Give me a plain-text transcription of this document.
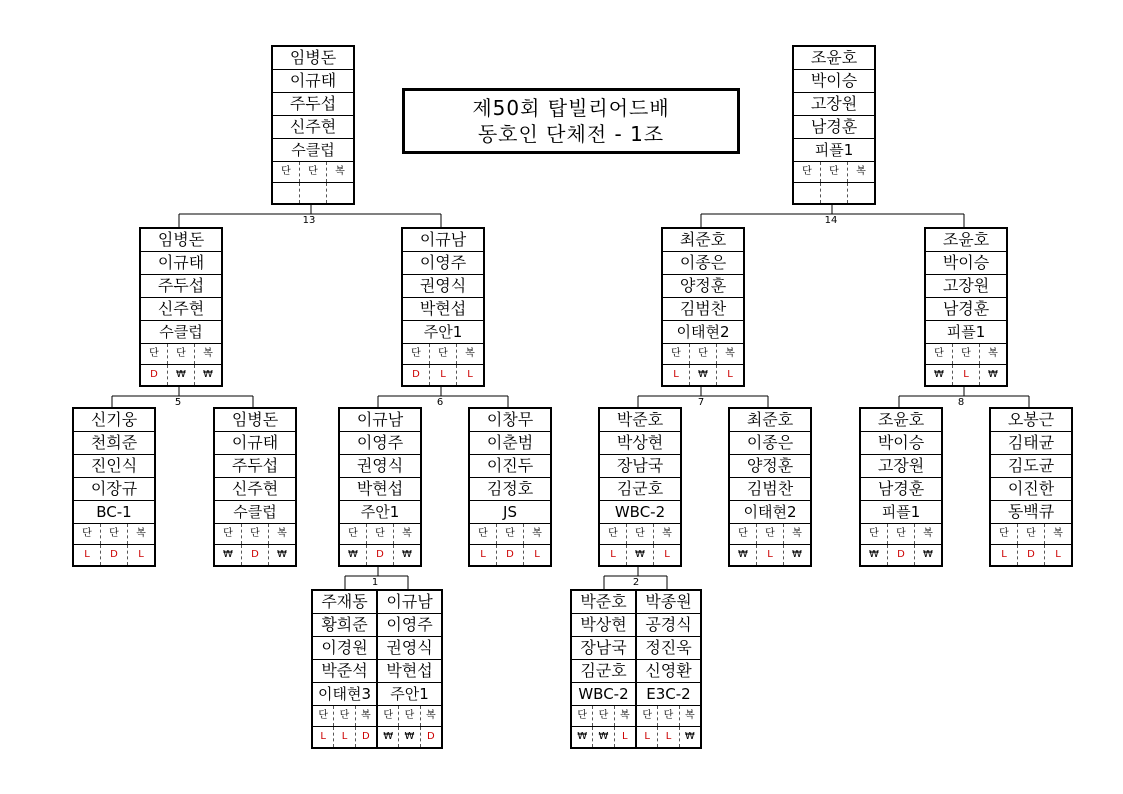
제50회 탑빌리어드배
동호인 단체전 - 1조
13	14
5	6	7	8
1	2
임병돈
이규태
주두섭
신주현
수클럽
단	단	복
조윤호
박이승
고장원
남경훈
피플1
단	단	복
임병돈
이규태
주두섭
신주현
수클럽
단	단	복
D	₩	₩
이규남
이영주
권영식
박현섭
주안1
단	단	복
D	L	L
최준호
이종은
양정훈
김범찬
이태현2
단	단	복
L	₩	L
조윤호
박이승
고장원
남경훈
피플1
단	단	복
₩	L	₩
신기웅
천희준
진인식
이장규
BC-1
단	단	복
L	D	L
임병돈
이규태
주두섭
신주현
수클럽
단	단	복
₩	D	₩
이규남
이영주
권영식
박현섭
주안1
단	단	복
₩	D	₩
이창무
이춘범
이진두
김정호
JS
단	단	복
L	D	L
박준호
박상현
장남국
김군호
WBC-2
단	단	복
L	₩	L
최준호
이종은
양정훈
김범찬
이태현2
단	단	복
₩	L	₩
조윤호
박이승
고장원
남경훈
피플1
단	단	복
₩	D	₩
오봉근
김태균
김도균
이진한
동백큐
단	단	복
L	D	L
주재동
황희준
이경원
박준석
이태현3
단	단	복
L	L	D
이규남
이영주
권영식
박현섭
주안1
단	단	복
₩	₩	D
박준호
박상현
장남국
김군호
WBC-2
단	단	복
₩	₩	L
박종원
공경식
정진욱
신영환
E3C-2
단	단	복
L	L	₩
